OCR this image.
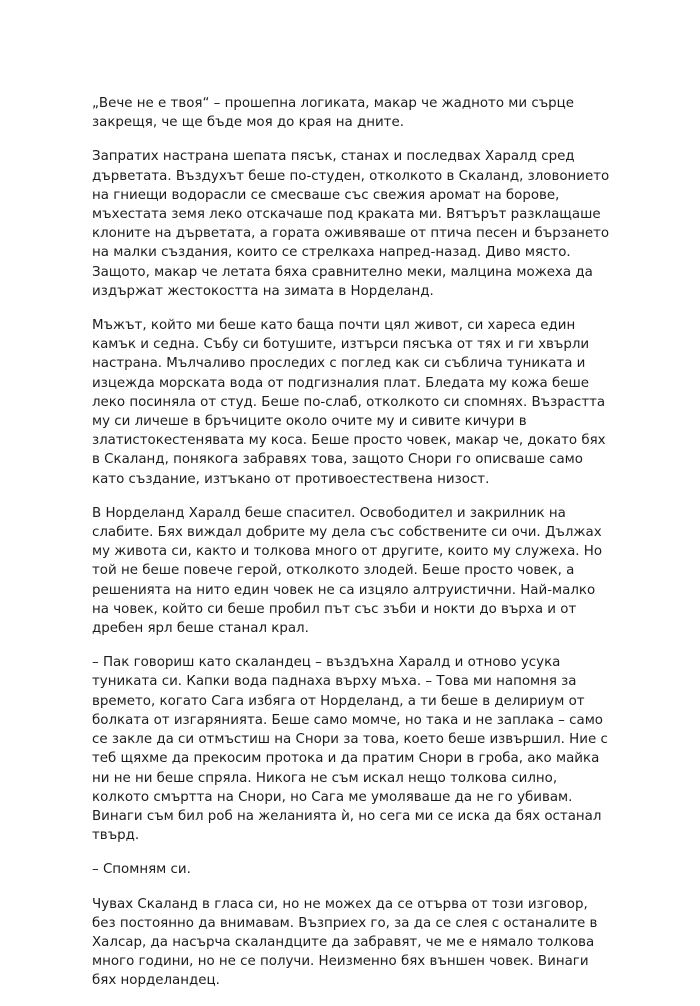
„Вече не е твоя“ – прошепна логиката, макар че жадното ми сърце закрещя, че ще бъде моя до края на дните.

Запратих настрана шепата пясък, станах и последвах Харалд сред дърветата. Въздухът беше по-студен, отколкото в Скаланд, зловонието на гниещи водорасли се смесваше със свежия аромат на борове, мъхестата земя леко отскачаше под краката ми. Вятърът разклащаше клоните на дърветата, а гората оживяваше от птича песен и бързането на малки създания, които се стрелкаха напред-назад. Диво място. Защото, макар че летата бяха сравнително меки, малцина можеха да издържат жестокостта на зимата в Норделанд.

Мъжът, който ми беше като баща почти цял живот, си хареса един камък и седна. Събу си ботушите, изтърси пясъка от тях и ги хвърли настрана. Мълчаливо проследих с поглед как си съблича туниката и изцежда морската вода от подгизналия плат. Бледата му кожа беше леко посиняла от студ. Беше по-слаб, отколкото си спомнях. Възрастта му си личеше в бръчиците около очите му и сивите кичури в златистокестенявата му коса. Беше просто човек, макар че, докато бях в Скаланд, понякога забравях това, защото Снори го описваше само като създание, изтъкано от противоестествена низост.

В Норделанд Харалд беше спасител. Освободител и закрилник на слабите. Бях виждал добрите му дела със собствените си очи. Дължах му живота си, както и толкова много от другите, които му служеха. Но той не беше повече герой, отколкото злодей. Беше просто човек, а решенията на нито един човек не са изцяло алтруистични. Най-малко на човек, който си беше пробил път със зъби и нокти до върха и от дребен ярл беше станал крал.

– Пак говориш като скаландец – въздъхна Харалд и отново усука туниката си. Капки вода паднаха върху мъха. – Това ми напомня за времето, когато Сага избяга от Норделанд, а ти беше в делириум от болката от изгарянията. Беше само момче, но така и не заплака – само се закле да си отмъстиш на Снори за това, което беше извършил. Ние с теб щяхме да прекосим протока и да пратим Снори в гроба, ако майка ни не ни беше спряла. Никога не съм искал нещо толкова силно, колкото смъртта на Снори, но Сага ме умоляваше да не го убивам. Винаги съм бил роб на желанията ѝ, но сега ми се иска да бях останал твърд.

– Спомням си.

Чувах Скаланд в гласа си, но не можех да се отърва от този изговор, без постоянно да внимавам. Възприех го, за да се слея с останалите в Халсар, да насърча скаландците да забравят, че ме е нямало толкова много години, но не се получи. Неизменно бях външен човек. Винаги бях норделандец.
